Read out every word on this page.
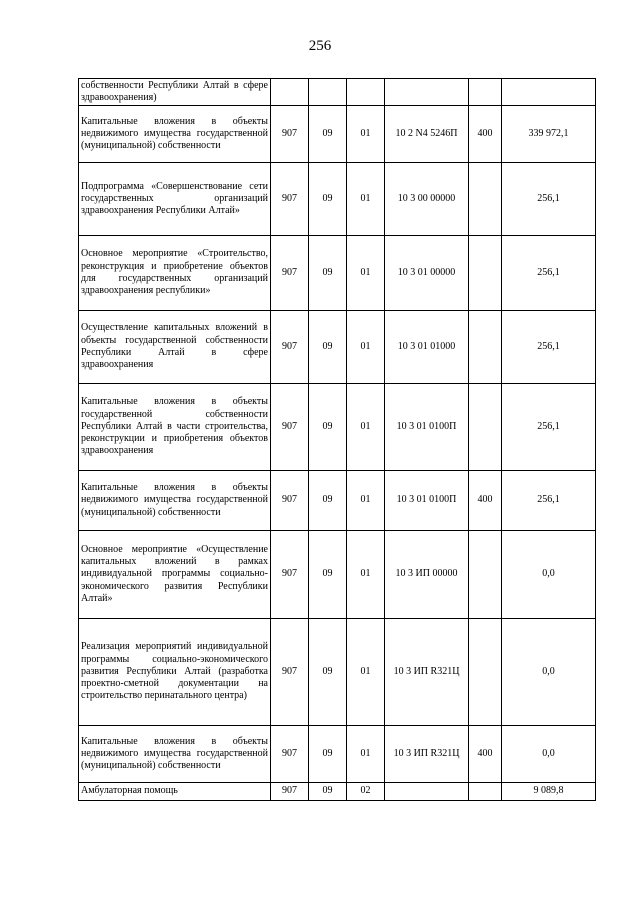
256
собственности Республики Алтай в сфере здравоохранения)						
Капитальные вложения в объекты недвижимого имущества государственной (муниципальной) собственности	907	09	01	10 2 N4 5246П	400	339 972,1
Подпрограмма «Совершенствование сети государственных организаций здравоохранения Республики Алтай»	907	09	01	10 3 00 00000		256,1
Основное мероприятие «Строительство, реконструкция и приобретение объектов для государственных организаций здравоохранения республики»	907	09	01	10 3 01 00000		256,1
Осуществление капитальных вложений в объекты государственной собственности Республики Алтай в сфере здравоохранения	907	09	01	10 3 01 01000		256,1
Капитальные вложения в объекты государственной собственности Республики Алтай в части строительства, реконструкции и приобретения объектов здравоохранения	907	09	01	10 3 01 0100П		256,1
Капитальные вложения в объекты недвижимого имущества государственной (муниципальной) собственности	907	09	01	10 3 01 0100П	400	256,1
Основное мероприятие «Осуществление капитальных вложений в рамках индивидуальной программы социально-экономического развития Республики Алтай»	907	09	01	10 3 ИП 00000		0,0
Реализация мероприятий индивидуальной программы социально-экономического развития Республики Алтай (разработка проектно-сметной документации на строительство перинатального центра)	907	09	01	10 3 ИП R321Ц		0,0
Капитальные вложения в объекты недвижимого имущества государственной (муниципальной) собственности	907	09	01	10 3 ИП R321Ц	400	0,0
Амбулаторная помощь	907	09	02			9 089,8
